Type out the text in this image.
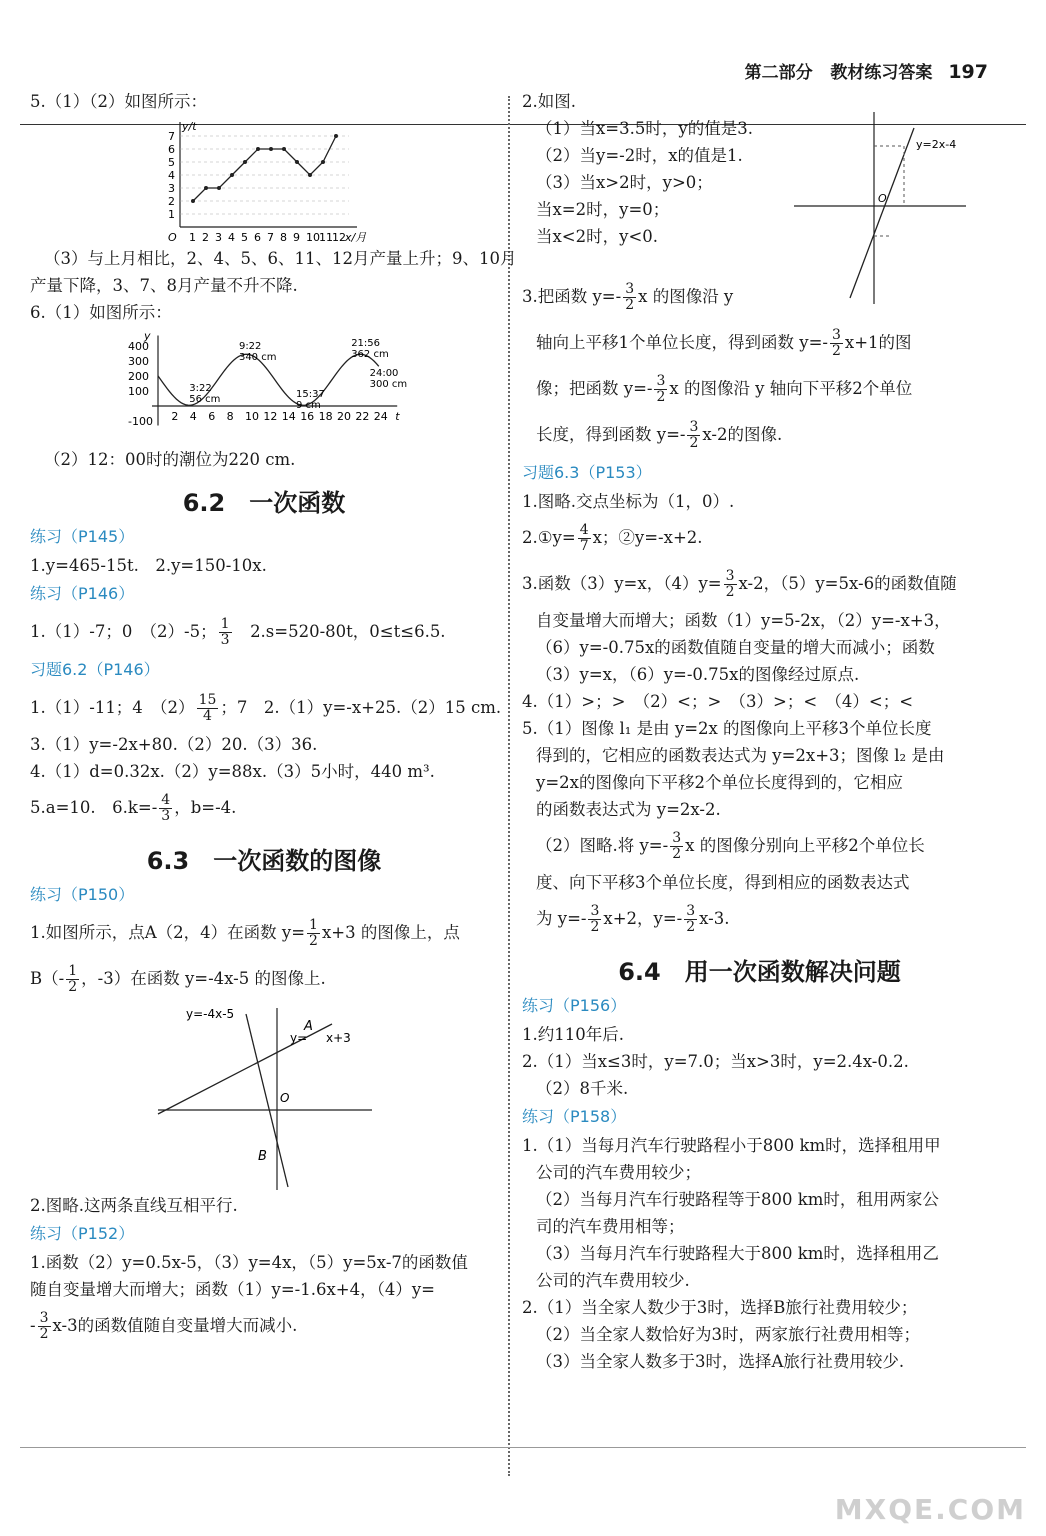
第二部分 教材练习答案 197

5.（1）（2）如图所示：

1
2
3
4
5
6
7
1 2 3 4 5 6 7 8 9 10 11 12
O	x/月
y/t

（3）与上月相比，2、4、5、6、11、12月产量上升；9、10月

产量下降，3、7、8月产量不升不降.

6.（1）如图所示：

-100
100
200
300
400
2 4 6 8 10 12 14 16 18 20 22 24 t
y
3:22
56 cm
9:22
340 cm
15:37
9 cm
21:56
362 cm
24:00
300 cm

（2）12：00时的潮位为220 cm.

6.2　一次函数
练习（P145）

1.y=465-15t.　2.y=150-10x.

练习（P146）

1.（1）-7；0　（2）-5； $\frac{1}{3}$ 　2.s=520-80t，0≤t≤6.5.

习题6.2（P146）

1.（1）-11；4　$(2) \frac{15}{4}$ ；7　2.（1）y=-x+25.（2）15 cm.

3.（1）y=-2x+80.（2）20.（3）36.

4.（1）d=0.32x.（2）y=88x.（3）5小时，440 m³.

5.a=10.　$6.k=- \frac{4}{3}$ ，b=-4.

6.3　一次函数的图像
练习（P150）

1.如图所示，点A（2，4）在函数 $y= \frac{1}{2} x+3$ 的图像上，点

$B(- \frac{1}{2}$ ，-3）在函数 y=-4x-5 的图像上.

y=-4x-5
y= x+3
A
B
O

2.图略.这两条直线互相平行.

练习（P152）

1.函数（2）y=0.5x-5，（3）y=4x，（5）y=5x-7的函数值

随自变量增大而增大；函数（1）y=-1.6x+4，（4）y=

- $\frac{3}{2} x-3$的函数值随自变量增大而减小.

2.如图.

（1）当x=3.5时，y的值是3.

（2）当y=-2时，x的值是1.

（3）当x>2时，y>0；

当x=2时，y=0；

当x<2时，y<0.

y=2x-4
O

3.把函数 $y=- \frac{3}{2}$ x 的图像沿 y

轴向上平移1个单位长度，得到函数 $y=- \frac{3}{2} x+1$的图

像；把函数 $y=- \frac{3}{2}$ x 的图像沿 y 轴向下平移2个单位

长度，得到函数 $y=- \frac{3}{2} x-2$的图像.

习题6.3（P153）

1.图略.交点坐标为（1，0）.

2.①y= $\frac{4}{7}$ x；②y=-x+2.

3.函数（3）y=x，$(4)y= \frac{3}{2} x-2$，（5）y=5x-6的函数值随

自变量增大而增大；函数（1）y=5-2x，（2）y=-x+3，

（6）y=-0.75x的函数值随自变量的增大而减小；函数

（3）y=x，（6）y=-0.75x的图像经过原点.

4.（1）>；>　（2）<；>　（3）>；<　（4）<；<

5.（1）图像 l₁ 是由 y=2x 的图像向上平移3个单位长度

得到的，它相应的函数表达式为 y=2x+3；图像 l₂ 是由

y=2x的图像向下平移2个单位长度得到的，它相应

的函数表达式为 y=2x-2.

（2）图略.将 $y=- \frac{3}{2}$ x 的图像分别向上平移2个单位长

度、向下平移3个单位长度，得到相应的函数表达式

为 $y=- \frac{3}{2} x+2$，$y=- \frac{3}{2} x-3$.

6.4　用一次函数解决问题
练习（P156）

1.约110年后.

2.（1）当x≤3时，y=7.0；当x>3时，y=2.4x-0.2.

（2）8千米.

练习（P158）

1.（1）当每月汽车行驶路程小于800 km时，选择租用甲

公司的汽车费用较少；

（2）当每月汽车行驶路程等于800 km时，租用两家公

司的汽车费用相等；

（3）当每月汽车行驶路程大于800 km时，选择租用乙

公司的汽车费用较少.

2.（1）当全家人数少于3时，选择B旅行社费用较少；

（2）当全家人数恰好为3时，两家旅行社费用相等；

（3）当全家人数多于3时，选择A旅行社费用较少.

MXQE.COM
